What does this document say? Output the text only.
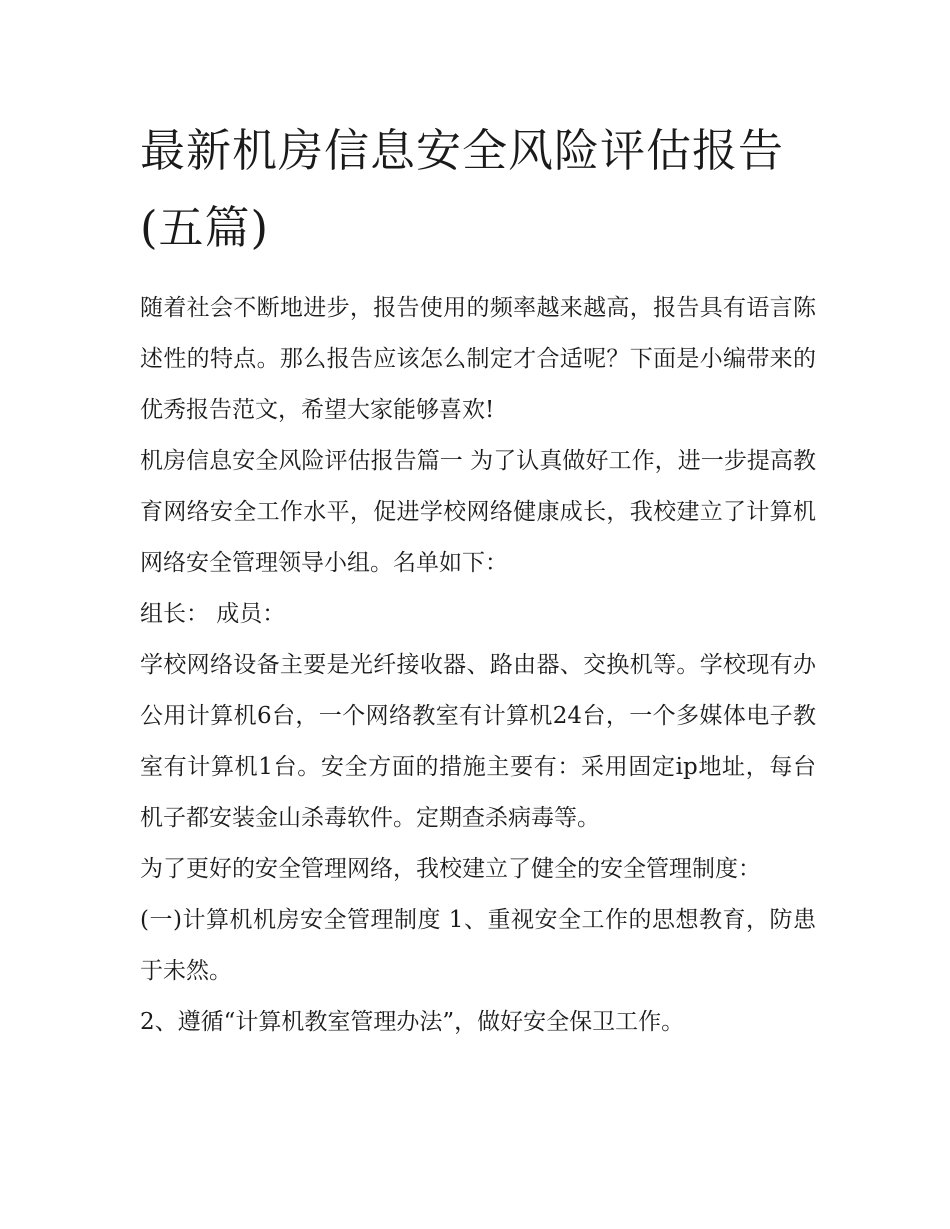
最新机房信息安全风险评估报告(五篇)

随着社会不断地进步，报告使用的频率越来越高，报告具有语言陈述性的特点。那么报告应该怎么制定才合适呢？下面是小编带来的优秀报告范文，希望大家能够喜欢!

机房信息安全风险评估报告篇一 为了认真做好工作，进一步提高教育网络安全工作水平，促进学校网络健康成长，我校建立了计算机网络安全管理领导小组。名单如下：

组长： 成员：

学校网络设备主要是光纤接收器、路由器、交换机等。学校现有办公用计算机6台，一个网络教室有计算机24台，一个多媒体电子教室有计算机1台。安全方面的措施主要有：采用固定ip地址，每台机子都安装金山杀毒软件。定期查杀病毒等。

为了更好的安全管理网络，我校建立了健全的安全管理制度：

(一)计算机机房安全管理制度 1、重视安全工作的思想教育，防患于未然。

2、遵循“计算机教室管理办法”，做好安全保卫工作。
